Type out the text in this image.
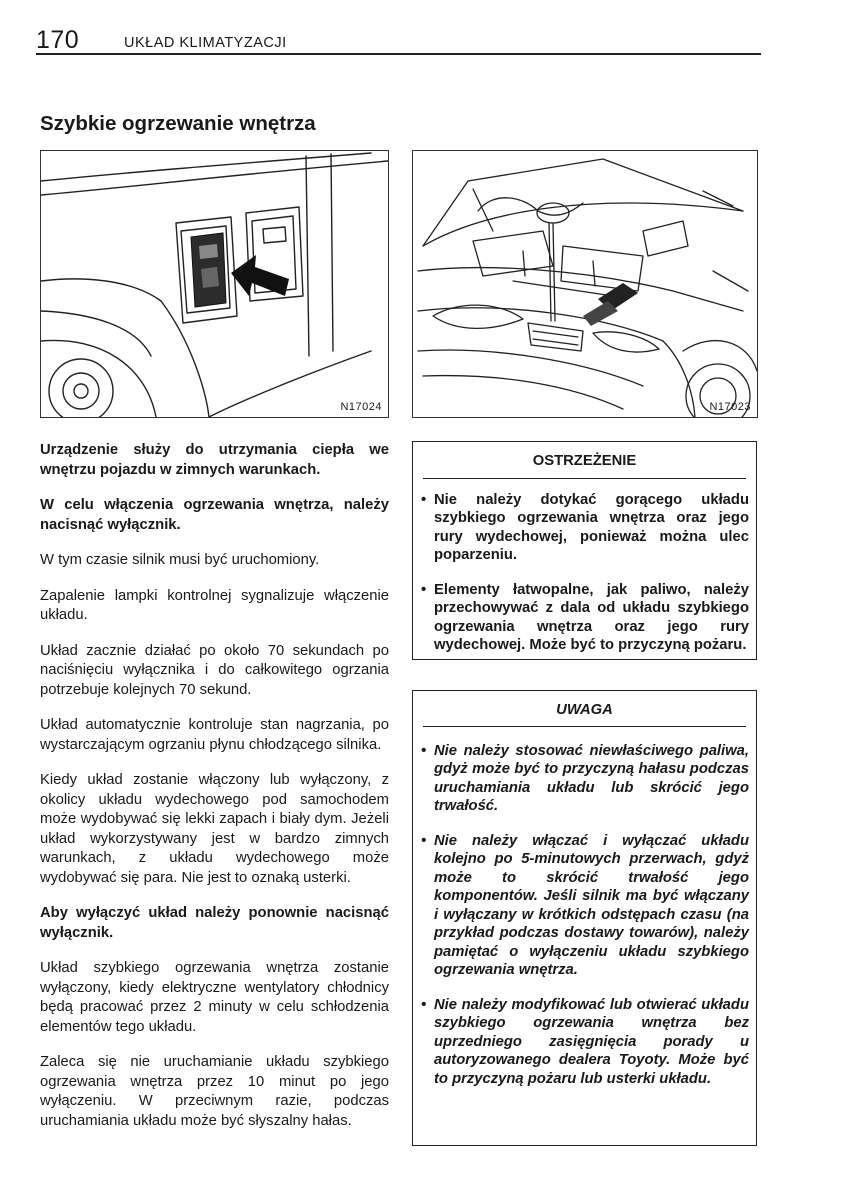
170	UKŁAD KLIMATYZACJI
Szybkie ogrzewanie wnętrza
N17024	N17023

Urządzenie służy do utrzymania ciepła we wnętrzu pojazdu w zimnych warunkach.

W celu włączenia ogrzewania wnętrza, należy nacisnąć wyłącznik.

W tym czasie silnik musi być uruchomiony.

Zapalenie lampki kontrolnej sygnalizuje włączenie układu.

Układ zacznie działać po około 70 sekundach po naciśnięciu wyłącznika i do całkowitego ogrzania potrzebuje kolejnych 70 sekund.

Układ automatycznie kontroluje stan nagrzania, po wystarczającym ogrzaniu płynu chłodzącego silnika.

Kiedy układ zostanie włączony lub wyłączony, z okolicy układu wydechowego pod samochodem może wydobywać się lekki zapach i biały dym. Jeżeli układ wykorzystywany jest w bardzo zimnych warunkach, z układu wydechowego może wydobywać się para. Nie jest to oznaką usterki.

Aby wyłączyć układ należy ponownie nacisnąć wyłącznik.

Układ szybkiego ogrzewania wnętrza zostanie wyłączony, kiedy elektryczne wentylatory chłodnicy będą pracować przez 2 minuty w celu schłodzenia elementów tego układu.

Zaleca się nie uruchamianie układu szybkiego ogrzewania wnętrza przez 10 minut po jego wyłączeniu. W przeciwnym razie, podczas uruchamiania układu może być słyszalny hałas.

OSTRZEŻENIE
• Nie należy dotykać gorącego układu szybkiego ogrzewania wnętrza oraz jego rury wydechowej, ponieważ można ulec poparzeniu.
• Elementy łatwopalne, jak paliwo, należy przechowywać z dala od układu szybkiego ogrzewania wnętrza oraz jego rury wydechowej. Może być to przyczyną pożaru.
UWAGA
• Nie należy stosować niewłaściwego paliwa, gdyż może być to przyczyną hałasu podczas uruchamiania układu lub skrócić jego trwałość.
• Nie należy włączać i wyłączać układu kolejno po 5-minutowych przerwach, gdyż może to skrócić trwałość jego komponentów. Jeśli silnik ma być włączany i wyłączany w krótkich odstępach czasu (na przykład podczas dostawy towarów), należy pamiętać o wyłączeniu układu szybkiego ogrzewania wnętrza.
• Nie należy modyfikować lub otwierać układu szybkiego ogrzewania wnętrza bez uprzedniego zasięgnięcia porady u autoryzowanego dealera Toyoty. Może być to przyczyną pożaru lub usterki układu.
